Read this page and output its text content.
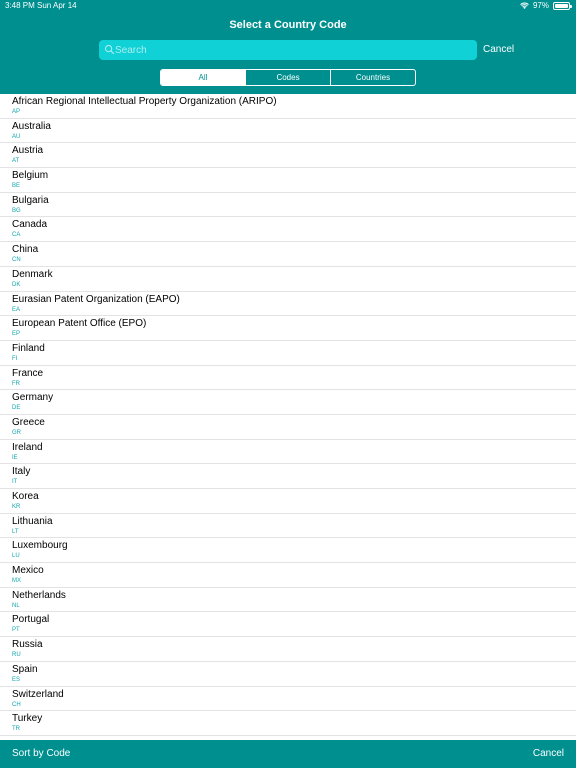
3:48 PM Sun Apr 14	97%
Select a Country Code
Search
Cancel
All	Codes	Countries
African Regional Intellectual Property Organization (ARIPO)
AP
Australia
AU
Austria
AT
Belgium
BE
Bulgaria
BG
Canada
CA
China
CN
Denmark
DK
Eurasian Patent Organization (EAPO)
EA
European Patent Office (EPO)
EP
Finland
FI
France
FR
Germany
DE
Greece
GR
Ireland
IE
Italy
IT
Korea
KR
Lithuania
LT
Luxembourg
LU
Mexico
MX
Netherlands
NL
Portugal
PT
Russia
RU
Spain
ES
Switzerland
CH
Turkey
TR
Sort by Code	Cancel
